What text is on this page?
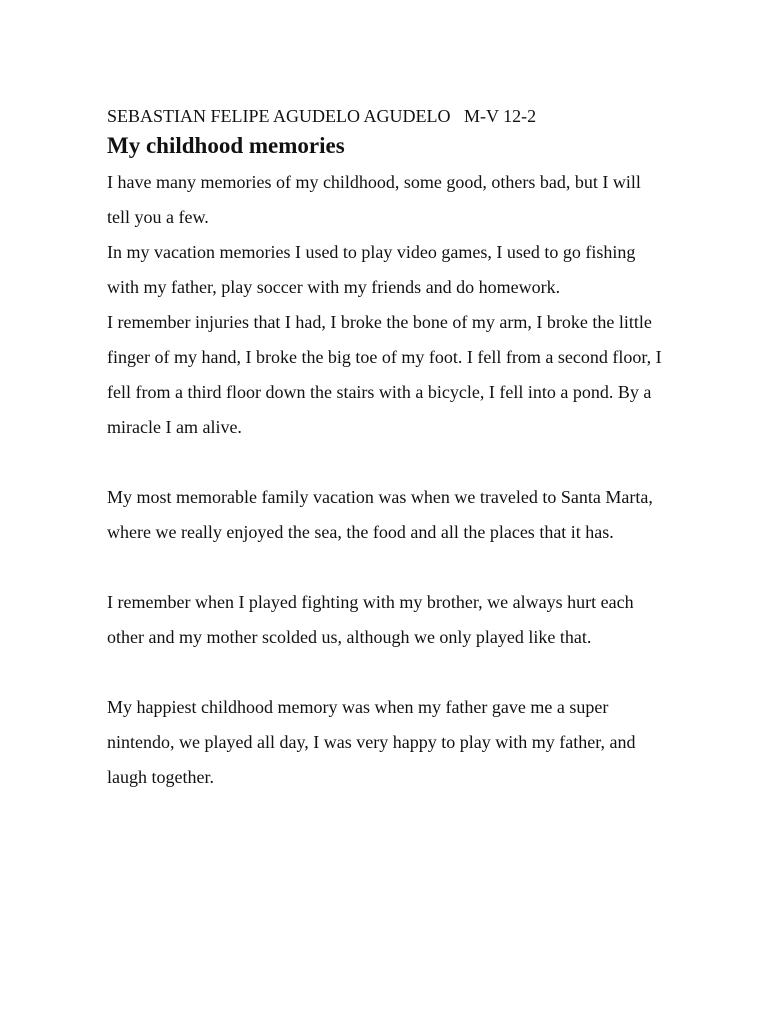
SEBASTIAN FELIPE AGUDELO AGUDELO   M-V 12-2

My childhood memories

I have many memories of my childhood, some good, others bad, but I will tell you a few.

In my vacation memories I used to play video games, I used to go fishing with my father, play soccer with my friends and do homework.

I remember injuries that I had, I broke the bone of my arm, I broke the little finger of my hand, I broke the big toe of my foot. I fell from a second floor, I fell from a third floor down the stairs with a bicycle, I fell into a pond. By a miracle I am alive.

My most memorable family vacation was when we traveled to Santa Marta, where we really enjoyed the sea, the food and all the places that it has.

I remember when I played fighting with my brother, we always hurt each other and my mother scolded us, although we only played like that.

My happiest childhood memory was when my father gave me a super nintendo, we played all day, I was very happy to play with my father, and laugh together.
